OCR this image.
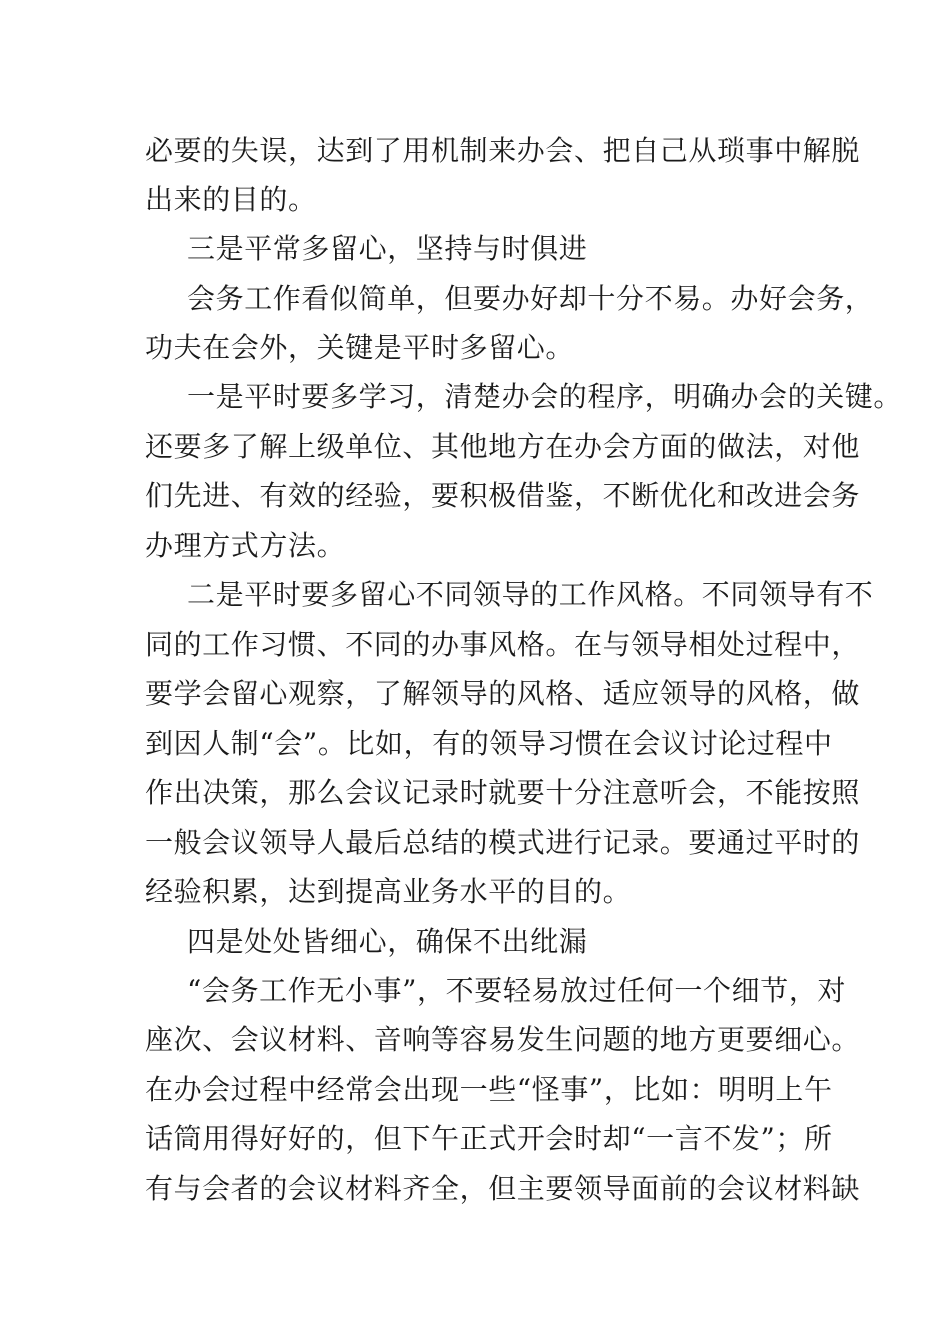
必要的失误，达到了用机制来办会、把自己从琐事中解脱
出来的目的。
三是平常多留心，坚持与时俱进
会务工作看似简单，但要办好却十分不易。办好会务，
功夫在会外，关键是平时多留心。
一是平时要多学习，清楚办会的程序，明确办会的关键。
还要多了解上级单位、其他地方在办会方面的做法，对他
们先进、有效的经验，要积极借鉴，不断优化和改进会务
办理方式方法。
二是平时要多留心不同领导的工作风格。不同领导有不
同的工作习惯、不同的办事风格。在与领导相处过程中，
要学会留心观察，了解领导的风格、适应领导的风格，做
到因人制“会”。比如，有的领导习惯在会议讨论过程中
作出决策，那么会议记录时就要十分注意听会，不能按照
一般会议领导人最后总结的模式进行记录。要通过平时的
经验积累，达到提高业务水平的目的。
四是处处皆细心，确保不出纰漏
“会务工作无小事”，不要轻易放过任何一个细节，对
座次、会议材料、音响等容易发生问题的地方更要细心。
在办会过程中经常会出现一些“怪事”，比如：明明上午
话筒用得好好的，但下午正式开会时却“一言不发”；所
有与会者的会议材料齐全，但主要领导面前的会议材料缺
